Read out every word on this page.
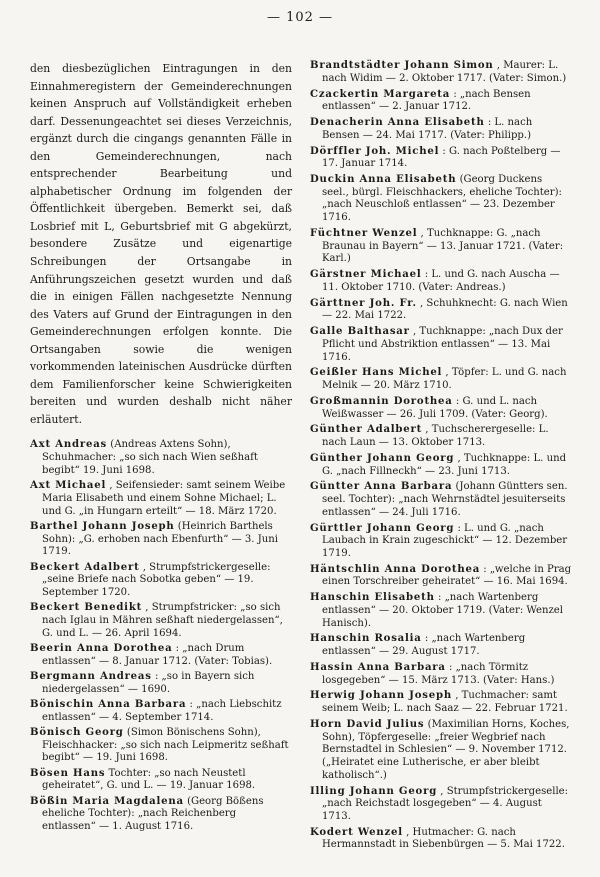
— 102 —

den diesbezüglichen Eintragungen in den Einnahmeregistern der Gemeinderechnungen keinen Anspruch auf Vollständigkeit erheben darf. Dessenungeachtet sei dieses Verzeichnis, ergänzt durch die cingangs genannten Fälle in den Gemeinderechnungen, nach entsprechender Bearbeitung und alphabetischer Ordnung im folgenden der Öffentlichkeit übergeben. Bemerkt sei, daß Losbrief mit L, Geburtsbrief mit G abgekürzt, besondere Zusätze und eigenartige Schreibungen der Ortsangabe in Anführungszeichen gesetzt wurden und daß die in einigen Fällen nachgesetzte Nennung des Vaters auf Grund der Eintragungen in den Gemeinderechnungen erfolgen konnte. Die Ortsangaben sowie die wenigen vorkommenden lateinischen Ausdrücke dürften dem Familienforscher keine Schwierigkeiten bereiten und wurden deshalb nicht näher erläutert.

Axt Andreas (Andreas Axtens Sohn), Schuhmacher: „so sich nach Wien seßhaft begibt“ 19. Juni 1698.

Axt Michael , Seifensieder: samt seinem Weibe Maria Elisabeth und einem Sohne Michael; L. und G. „in Hungarn erteilt“ — 18. März 1720.

Barthel Johann Joseph (Heinrich Barthels Sohn): „G. erhoben nach Ebenfurth“ — 3. Juni 1719.

Beckert Adalbert , Strumpfstrickergeselle: „seine Briefe nach Sobotka geben“ — 19. September 1720.

Beckert Benedikt , Strumpfstricker: „so sich nach Iglau in Mähren seßhaft niedergelassen“, G. und L. — 26. April 1694.

Beerin Anna Dorothea : „nach Drum entlassen“ — 8. Januar 1712. (Vater: Tobias).

Bergmann Andreas : „so in Bayern sich niedergelassen“ — 1690.

Bönischin Anna Barbara : „nach Liebschitz entlassen“ — 4. September 1714.

Bönisch Georg (Simon Bönischens Sohn), Fleischhacker: „so sich nach Leipmeritz seßhaft begibt“ — 19. Juni 1698.

Bösen Hans Tochter: „so nach Neustetl geheiratet“, G. und L. — 19. Januar 1698.

Bößin Maria Magdalena (Georg Bößens eheliche Tochter): „nach Reichenberg entlassen“ — 1. August 1716.

Brandtstädter Johann Simon , Maurer: L. nach Widim — 2. Oktober 1717. (Vater: Simon.)

Czackertin Margareta : „nach Bensen entlassen“ — 2. Januar 1712.

Denacherin Anna Elisabeth : L. nach Bensen — 24. Mai 1717. (Vater: Philipp.)

Dörffler Joh. Michel : G. nach Poßtelberg — 17. Januar 1714.

Duckin Anna Elisabeth (Georg Duckens seel., bürgl. Fleischhackers, eheliche Tochter): „nach Neuschloß entlassen“ — 23. Dezember 1716.

Füchtner Wenzel , Tuchknappe: G. „nach Braunau in Bayern“ — 13. Januar 1721. (Vater: Karl.)

Gärstner Michael : L. und G. nach Auscha — 11. Oktober 1710. (Vater: Andreas.)

Gärttner Joh. Fr. , Schuhknecht: G. nach Wien — 22. Mai 1722.

Galle Balthasar , Tuchknappe: „nach Dux der Pflicht und Abstriktion entlassen“ — 13. Mai 1716.

Geißler Hans Michel , Töpfer: L. und G. nach Melnik — 20. März 1710.

Großmannin Dorothea : G. und L. nach Weißwasser — 26. Juli 1709. (Vater: Georg).

Günther Adalbert , Tuchscherergeselle: L. nach Laun — 13. Oktober 1713.

Günther Johann Georg , Tuchknappe: L. und G. „nach Fillneckh“ — 23. Juni 1713.

Güntter Anna Barbara (Johann Güntters sen. seel. Tochter): „nach Wehrnstädtel jesuiterseits entlassen“ — 24. Juli 1716.

Gürttler Johann Georg : L. und G. „nach Laubach in Krain zugeschickt“ — 12. Dezember 1719.

Häntschlin Anna Dorothea : „welche in Prag einen Torschreiber geheiratet“ — 16. Mai 1694.

Hanschin Elisabeth : „nach Wartenberg entlassen“ — 20. Oktober 1719. (Vater: Wenzel Hanisch).

Hanschin Rosalia : „nach Wartenberg entlassen“ — 29. August 1717.

Hassin Anna Barbara : „nach Törmitz losgegeben“ — 15. März 1713. (Vater: Hans.)

Herwig Johann Joseph , Tuchmacher: samt seinem Weib; L. nach Saaz — 22. Februar 1721.

Horn David Julius (Maximilian Horns, Koches, Sohn), Töpfergeselle: „freier Wegbrief nach Bernstadtel in Schlesien“ — 9. November 1712. („Heiratet eine Lutherische, er aber bleibt katholisch“.)

Illing Johann Georg , Strumpfstrickergeselle: „nach Reichstadt losgegeben“ — 4. August 1713.

Kodert Wenzel , Hutmacher: G. nach Hermannstadt in Siebenbürgen — 5. Mai 1722.
